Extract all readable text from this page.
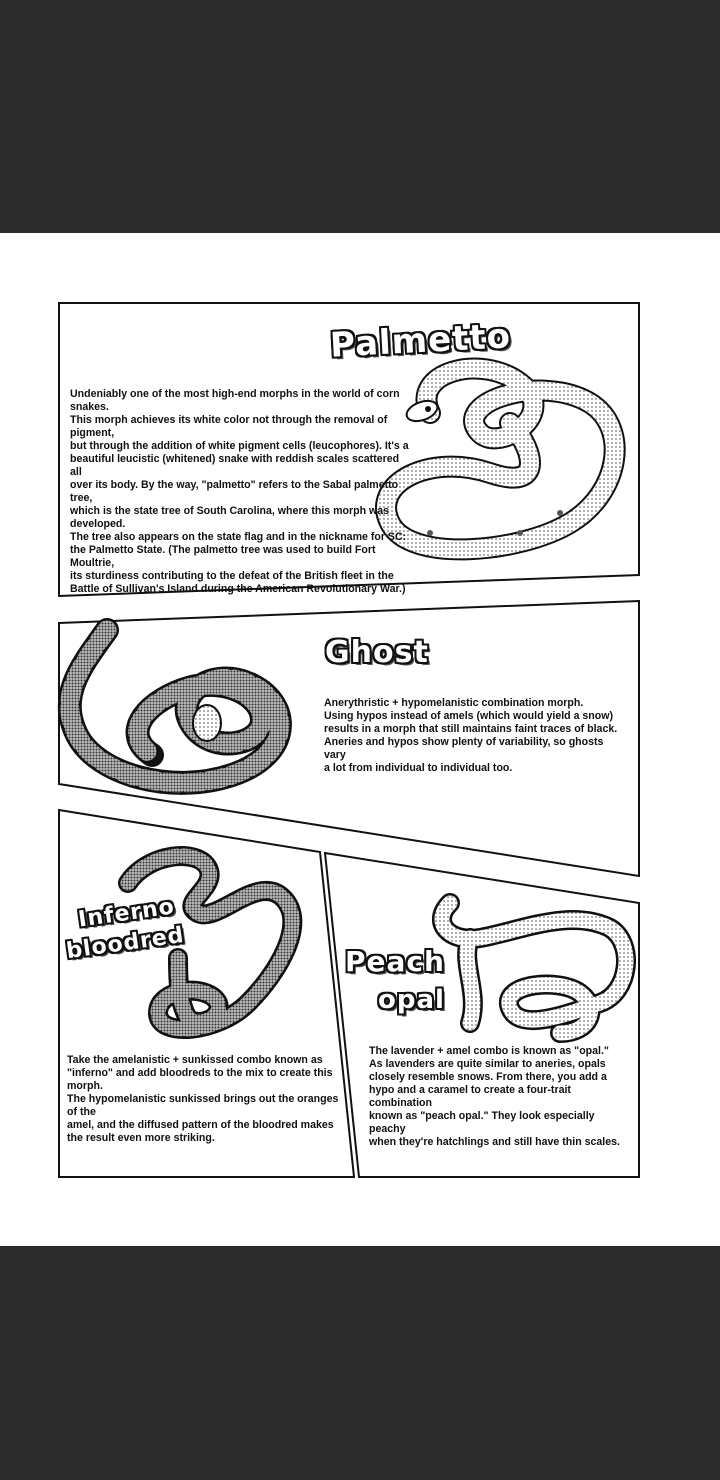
Palmetto
Ghost
Inferno
bloodred	Peach
opal
Undeniably one of the most high-end morphs in the world of corn snakes.
This morph achieves its white color not through the removal of pigment,
but through the addition of white pigment cells (leucophores). It's a
beautiful leucistic (whitened) snake with reddish scales scattered all
over its body. By the way, "palmetto" refers to the Sabal palmetto tree,
which is the state tree of South Carolina, where this morph was developed.
The tree also appears on the state flag and in the nickname for SC:
the Palmetto State. (The palmetto tree was used to build Fort Moultrie,
its sturdiness contributing to the defeat of the British fleet in the
Battle of Sullivan's Island during the American Revolutionary War.)
Anerythristic + hypomelanistic combination morph.
Using hypos instead of amels (which would yield a snow)
results in a morph that still maintains faint traces of black.
Aneries and hypos show plenty of variability, so ghosts vary
a lot from individual to individual too.
Take the amelanistic + sunkissed combo known as
"inferno" and add bloodreds to the mix to create this morph.
The hypomelanistic sunkissed brings out the oranges of the
amel, and the diffused pattern of the bloodred makes
the result even more striking.
The lavender + amel combo is known as "opal."
As lavenders are quite similar to aneries, opals
closely resemble snows. From there, you add a
hypo and a caramel to create a four-trait combination
known as "peach opal." They look especially peachy
when they're hatchlings and still have thin scales.
